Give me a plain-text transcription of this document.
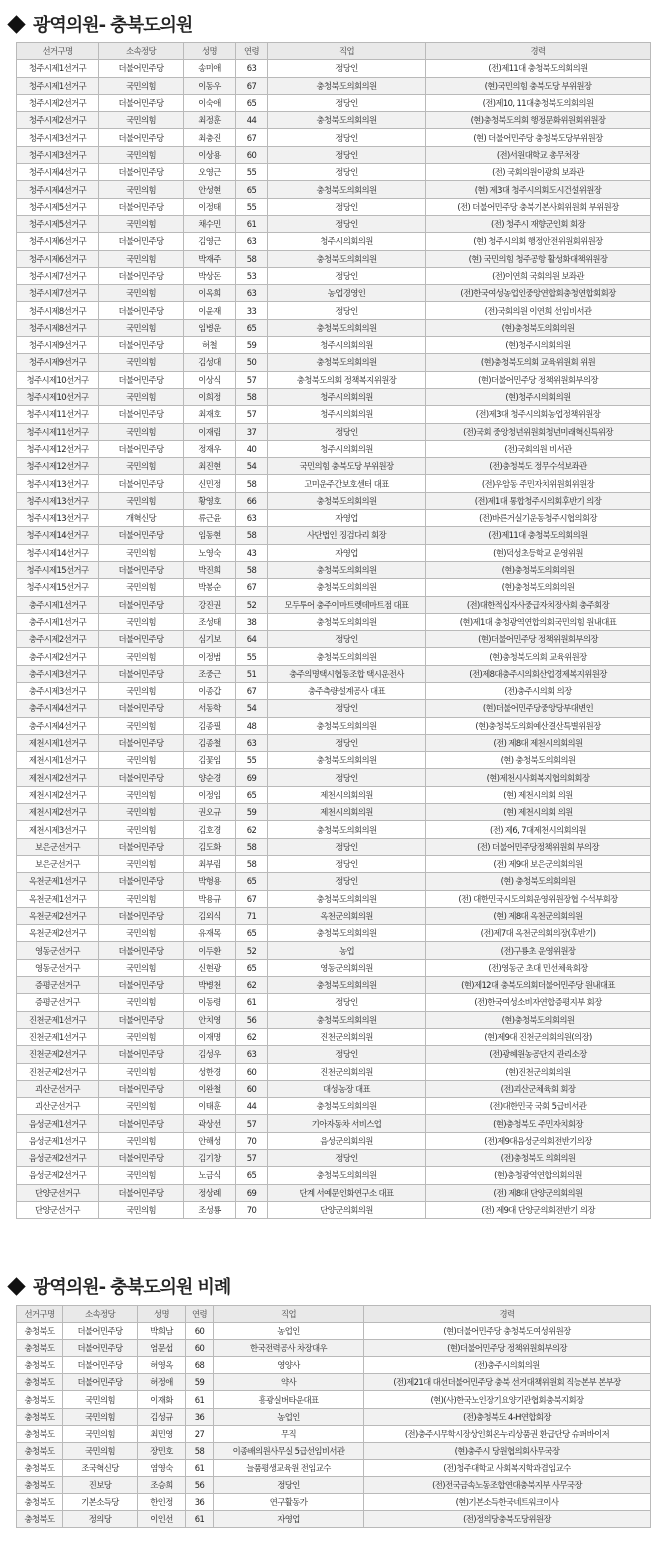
광역의원 - 충북도의원
선거구명	소속정당	성명	연령	직업	경력
청주시제1선거구	더불어민주당	송미애	63	정당인	(전)제11대 충청북도의회의원
청주시제1선거구	국민의힘	이동우	67	충청북도의회의원	(현)국민의힘 충북도당 부위원장
청주시제2선거구	더불어민주당	이숙애	65	정당인	(전)제10, 11대충청북도의회의원
청주시제2선거구	국민의힘	최정훈	44	충청북도의회의원	(현)충청북도의회 행정문화위원회위원장
청주시제3선거구	더불어민주당	최충진	67	정당인	(현) 더불어민주당 충청북도당부위원장
청주시제3선거구	국민의힘	이상용	60	정당인	(전)서원대학교 총무처장
청주시제4선거구	더불어민주당	오영근	55	정당인	(전) 국회의원이광희 보좌관
청주시제4선거구	국민의힘	안성현	65	충청북도의회의원	(현) 제3대 청주시의회도시건설위원장
청주시제5선거구	더불어민주당	이정태	55	정당인	(전) 더불어민주당 충북기본사회위원회 부위원장
청주시제5선거구	국민의힘	채수민	61	정당인	(전) 청주시 재향군인회 회장
청주시제6선거구	더불어민주당	김영근	63	청주시의회의원	(현) 청주시의회 행정안전위원회위원장
청주시제6선거구	국민의힘	박재주	58	충청북도의회의원	(현) 국민의힘 청주공항 활성화대책위원장
청주시제7선거구	더불어민주당	박상돈	53	정당인	(전)이연희 국회의원 보좌관
청주시제7선거구	국민의힘	이옥희	63	농업경영인	(전)한국여성농업인중앙연합회충청연합회회장
청주시제8선거구	더불어민주당	이윤재	33	정당인	(전)국회의원 이연희 선임비서관
청주시제8선거구	국민의힘	임병운	65	충청북도의회의원	(현)충청북도의회의원
청주시제9선거구	더불어민주당	허철	59	청주시의회의원	(현)청주시의회의원
청주시제9선거구	국민의힘	김성대	50	충청북도의회의원	(현)충청북도의회 교육위원회 위원
청주시제10선거구	더불어민주당	이상식	57	충청북도의회 정책복지위원장	(현)더불어민주당 정책위원회부의장
청주시제10선거구	국민의힘	이희정	58	청주시의회의원	(현)청주시의회의원
청주시제11선거구	더불어민주당	최재호	57	청주시의회의원	(전)제3대 청주시의회농업정책위원장
청주시제11선거구	국민의힘	이재림	37	정당인	(전)국회 중앙청년위원회청년미래혁신특위장
청주시제12선거구	더불어민주당	정재우	40	청주시의회의원	(전)국회의원 비서관
청주시제12선거구	국민의힘	최진현	54	국민의힘 충북도당 부위원장	(전)충청북도 정무수석보좌관
청주시제13선거구	더불어민주당	신민정	58	고미운주간보호센터 대표	(전)우암동 주민자치위원회위원장
청주시제13선거구	국민의힘	황영호	66	충청북도의회의원	(전)제1대 통합청주시의회후반기 의장
청주시제13선거구	개혁신당	류근윤	63	자영업	(전)바른거실기운동청주시협의회장
청주시제14선거구	더불어민주당	임동현	58	사단법인 징검다리 회장	(전)제11대 충청북도의회의원
청주시제14선거구	국민의힘	노영숙	43	자영업	(현)덕성초등학교 운영위원
청주시제15선거구	더불어민주당	박진희	58	충청북도의회의원	(현)충청북도의회의원
청주시제15선거구	국민의힘	박봉순	67	충청북도의회의원	(현)충청북도의회의원
충주시제1선거구	더불어민주당	강진권	52	모두투어 충주이마트렛데마트점 대표	(전)대한적십자사중급자치장사회 충주회장
충주시제1선거구	국민의힘	조성태	38	충청북도의회의원	(현)제1대 충청광역연합의회국민의힘 원내대표
충주시제2선거구	더불어민주당	심기보	64	정당인	(현)더불어민주당 정책위원회부의장
충주시제2선거구	국민의힘	이정범	55	충청북도의회의원	(현)충청북도의회 교육위원장
충주시제3선거구	더불어민주당	조중근	51	충주의명택시협동조합 택시운전사	(전)제8대충주시의회산업경제복지위원장
충주시제3선거구	국민의힘	이종갑	67	충주측량설계공사 대표	(전)충주시의회 의장
충주시제4선거구	더불어민주당	서동학	54	정당인	(현)더불어민주당중앙당부대변인
충주시제4선거구	국민의힘	김종필	48	충청북도의회의원	(현)충청북도의회예산결산특별위원장
제천시제1선거구	더불어민주당	김종철	63	정당인	(전) 제8대 제천시의회의원
제천시제1선거구	국민의힘	김꽃임	55	충청북도의회의원	(현) 충청북도의회의원
제천시제2선거구	더불어민주당	양순경	69	정당인	(현)제천시사회복지협의회회장
제천시제2선거구	국민의힘	이정임	65	제천시의회의원	(현) 제천시의회 의원
제천시제2선거구	국민의힘	권오규	59	제천시의회의원	(현) 제천시의회 의원
제천시제3선거구	국민의힘	김호경	62	충청북도의회의원	(전) 제6, 7대제천시의회의원
보은군선거구	더불어민주당	김도화	58	정당인	(전) 더불어민주당정책위원회 부의장
보은군선거구	국민의힘	최부림	58	정당인	(전) 제9대 보은군의회의원
옥천군제1선거구	더불어민주당	박형용	65	정당인	(현) 충청북도의회의원
옥천군제1선거구	국민의힘	박용규	67	충청북도의회의원	(전) 대한민국시도의회운영위원장협 수석부회장
옥천군제2선거구	더불어민주당	김외식	71	옥천군의회의원	(현) 제8대 옥천군의회의원
옥천군제2선거구	국민의힘	유재목	65	충청북도의회의원	(전)제7대 옥천군의회의장(후반기)
영동군선거구	더불어민주당	이두환	52	농업	(전)구룡초 운영위원장
영동군선거구	국민의힘	신현광	65	영동군의회의원	(전)영동군 초대 민선체육회장
증평군선거구	더불어민주당	박병천	62	충청북도의회의원	(현)제12대 충북도의회더불어민주당 원내대표
증평군선거구	국민의힘	이동령	61	정당인	(전)한국여성소비자연합증평지부 회장
진천군제1선거구	더불어민주당	안치영	56	충청북도의회의원	(현)충청북도의회의원
진천군제1선거구	국민의힘	이재명	62	진천군의회의원	(현)제9대 진천군의회의원(의장)
진천군제2선거구	더불어민주당	김성우	63	정당인	(전)광혜원농공단지 관리소장
진천군제2선거구	국민의힘	성한경	60	진천군의회의원	(현)진천군의회의원
괴산군선거구	더불어민주당	이완철	60	대성농장 대표	(전)괴산군체육회 회장
괴산군선거구	국민의힘	이태훈	44	충청북도의회의원	(전)대한민국 국회 5급비서관
음성군제1선거구	더불어민주당	곽상선	57	기아자동차 서비스업	(현)충청북도 주민자치회장
음성군제1선거구	국민의힘	안해성	70	음성군의회의원	(전)제9대음성군의회전반기의장
음성군제2선거구	더불어민주당	김기창	57	정당인	(전)충청북도 의회의원
음성군제2선거구	국민의힘	노금식	65	충청북도의회의원	(현)충청광역연합의회의원
단양군선거구	더불어민주당	정상례	69	단계 서예문인화연구소 대표	(전) 제8대 단양군의회의원
단양군선거구	국민의힘	조성룡	70	단양군의회의원	(전) 제9대 단양군의회전반기 의장
광역의원 - 충북도의원 비례
선거구명	소속정당	성명	연령	직업	경력
충청북도	더불어민주당	박희남	60	농업인	(현)더불어민주당 충청북도여성위원장
충청북도	더불어민주당	엄문섭	60	한국전력공사 차장대우	(현)더불어민주당 정책위원회부의장
충청북도	더불어민주당	허영옥	68	영양사	(전)충주시의회의원
충청북도	더불어민주당	허정애	59	약사	(전)제21대 대선더불어민주당 충북 선거대책위원회 직능본부 본부장
충청북도	국민의힘	이재화	61	흥광실버타운대표	(현)(사)한국노인장기요양기관협회충북지회장
충청북도	국민의힘	김성규	36	농업인	(전)충청북도 4-H연합회장
충청북도	국민의힘	최민영	27	무직	(전)충주시무학시장상인회온누리상품권 환급단당 슈퍼바이저
충청북도	국민의힘	장민호	58	이종배의원사무실 5급선임비서관	(현)충주시 당원협의회사무국장
충청북도	조국혁신당	염영숙	61	늘품평생교육원 전임교수	(전)청주대학교 사회복지학과겸임교수
충청북도	진보당	조승희	56	정당인	(전)전국금속노동조합연대충북지부 사무국장
충청북도	기본소득당	한인정	36	연구활동가	(현)기본소득한국네트워크이사
충청북도	정의당	이인선	61	자영업	(전)정의당충북도당위원장
